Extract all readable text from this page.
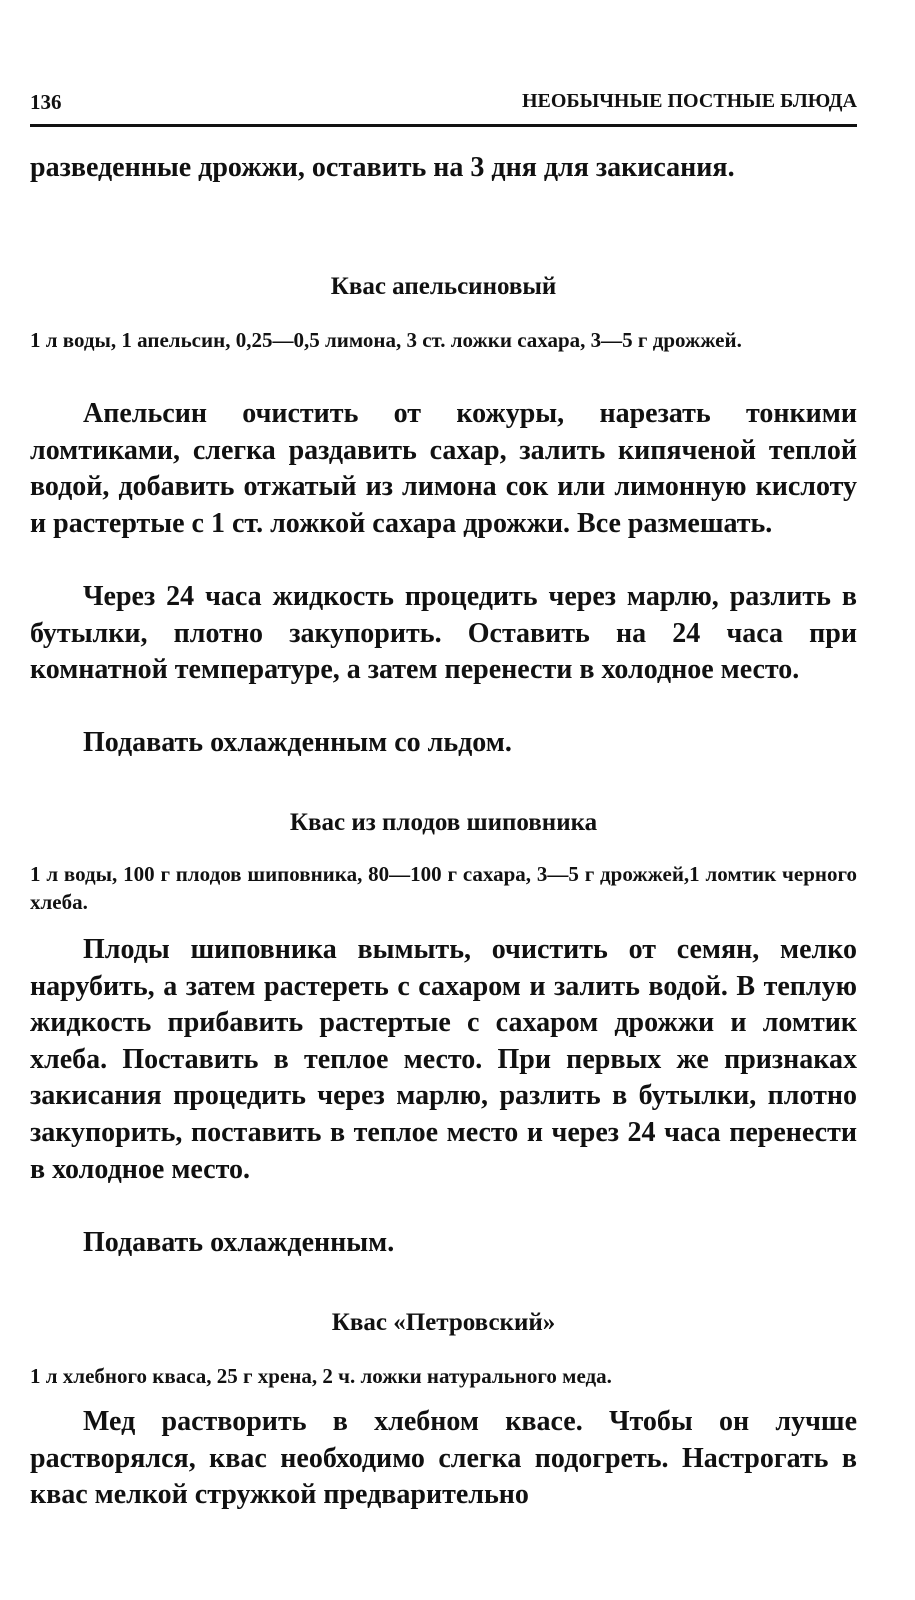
136	НЕОБЫЧНЫЕ ПОСТНЫЕ БЛЮДА

разведенные дрожжи, оставить на 3 дня для закисания.

Квас апельсиновый

1 л воды, 1 апельсин, 0,25—0,5 лимона, 3 ст. ложки сахара, 3—5 г дрожжей.

Апельсин очистить от кожуры, нарезать тонкими ломтиками, слегка раздавить сахар, залить кипяченой теплой водой, добавить отжатый из лимона сок или лимонную кислоту и растертые с 1 ст. ложкой сахара дрожжи. Все размешать.

Через 24 часа жидкость процедить через марлю, разлить в бутылки, плотно закупорить. Оставить на 24 часа при комнатной температуре, а затем перенести в холодное место.

Подавать охлажденным со льдом.

Квас из плодов шиповника

1 л воды, 100 г плодов шиповника, 80—100 г сахара, 3—5 г дрожжей,1 ломтик черного хлеба.

Плоды шиповника вымыть, очистить от семян, мелко нарубить, а затем растереть с сахаром и залить водой. В теплую жидкость прибавить растертые с сахаром дрожжи и ломтик хлеба. Поставить в теплое место. При первых же признаках закисания процедить через марлю, разлить в бутылки, плотно закупорить, поставить в теплое место и через 24 часа перенести в холодное место.

Подавать охлажденным.

Квас «Петровский»

1 л хлебного кваса, 25 г хрена, 2 ч. ложки натурального меда.

Мед растворить в хлебном квасе. Чтобы он лучше растворялся, квас необходимо слегка подогреть. Настрогать в квас мелкой стружкой предварительно
